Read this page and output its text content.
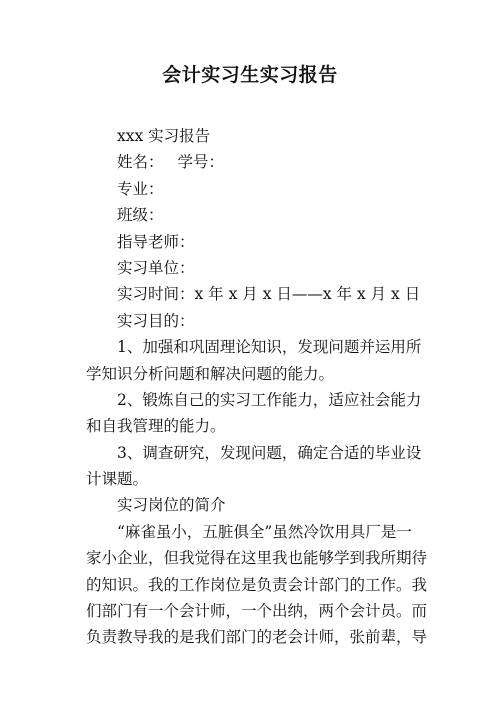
会计实习生实习报告
xxx 实习报告
姓名： 学号：
专业：
班级：
指导老师：
实习单位：
实习时间：x 年 x 月 x 日——x 年 x 月 x 日
实习目的：
1、加强和巩固理论知识，发现问题并运用所
学知识分析问题和解决问题的能力。
2、锻炼自己的实习工作能力，适应社会能力
和自我管理的能力。
3、调查研究，发现问题，确定合适的毕业设
计课题。
实习岗位的简介
“麻雀虽小，五脏俱全”虽然冷饮用具厂是一
家小企业，但我觉得在这里我也能够学到我所期待
的知识。我的工作岗位是负责会计部门的工作。我
们部门有一个会计师，一个出纳，两个会计员。而
负责教导我的是我们部门的老会计师，张前辈，导
